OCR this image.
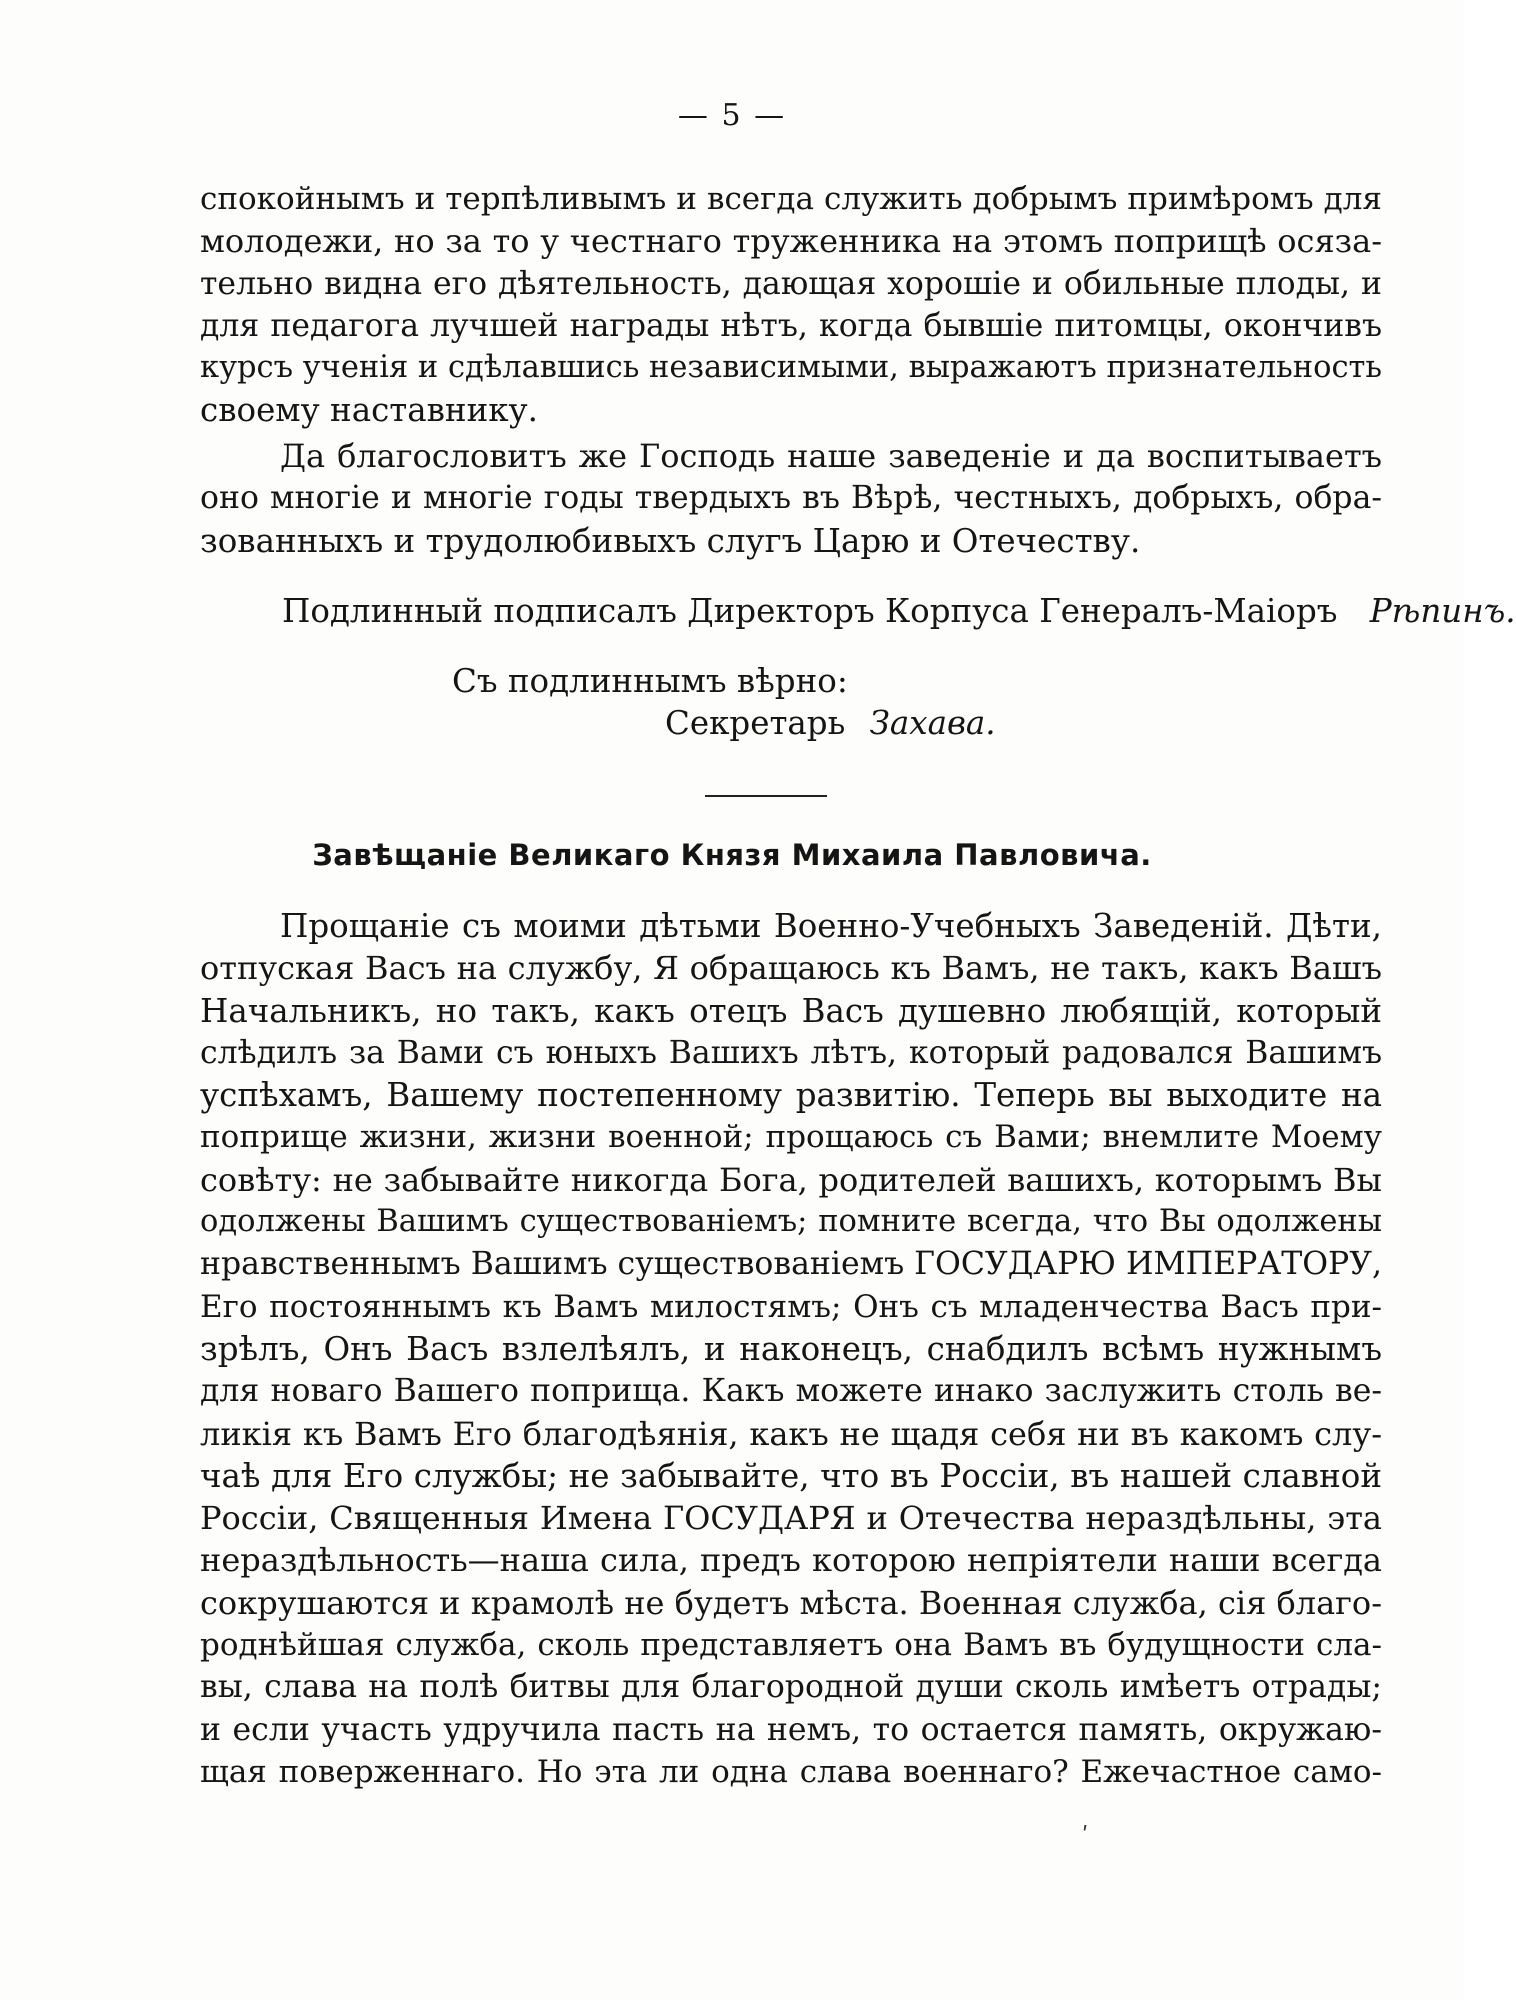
— 5 —
спокойнымъ и терпѣливымъ и всегда служить добрымъ примѣромъ для
молодежи, но за то у честнаго труженника на этомъ поприщѣ осяза-
тельно видна его дѣятельность, дающая хорошіе и обильные плоды, и
для педагога лучшей награды нѣтъ, когда бывшіе питомцы, окончивъ
курсъ ученія и сдѣлавшись независимыми, выражаютъ признательность
своему наставнику.
Да благословитъ же Господь наше заведеніе и да воспитываетъ
оно многіе и многіе годы твердыхъ въ Вѣрѣ, честныхъ, добрыхъ, обра-
зованныхъ и трудолюбивыхъ слугъ Царю и Отечеству.
Подлинный подписалъ Директоръ Корпуса Генералъ-Маіоръ Рѣпинъ.
Съ подлиннымъ вѣрно:
Секретарь Захава.
Завѣщаніе Великаго Князя Михаила Павловича.
Прощаніе съ моими дѣтьми Военно-Учебныхъ Заведеній. Дѣти,
отпуская Васъ на службу, Я обращаюсь къ Вамъ, не такъ, какъ Вашъ
Начальникъ, но такъ, какъ отецъ Васъ душевно любящій, который
слѣдилъ за Вами съ юныхъ Вашихъ лѣтъ, который радовался Вашимъ
успѣхамъ, Вашему постепенному развитію. Теперь вы выходите на
поприще жизни, жизни военной; прощаюсь съ Вами; внемлите Моему
совѣту: не забывайте никогда Бога, родителей вашихъ, которымъ Вы
одолжены Вашимъ существованіемъ; помните всегда, что Вы одолжены
нравственнымъ Вашимъ существованіемъ ГОСУДАРЮ ИМПЕРАТОРУ,
Его постояннымъ къ Вамъ милостямъ; Онъ съ младенчества Васъ при-
зрѣлъ, Онъ Васъ взлелѣялъ, и наконецъ, снабдилъ всѣмъ нужнымъ
для новаго Вашего поприща. Какъ можете инако заслужить столь ве-
ликія къ Вамъ Его благодѣянія, какъ не щадя себя ни въ какомъ слу-
чаѣ для Его службы; не забывайте, что въ Россіи, въ нашей славной
Россіи, Священныя Имена ГОСУДАРЯ и Отечества нераздѣльны, эта
нераздѣльность—наша сила, предъ которою непріятели наши всегда
сокрушаются и крамолѣ не будетъ мѣста. Военная служба, сія благо-
роднѣйшая служба, сколь представляетъ она Вамъ въ будущности сла-
вы, слава на полѣ битвы для благородной души сколь имѣетъ отрады;
и если участь удручила пасть на немъ, то остается память, окружаю-
щая поверженнаго. Но эта ли одна слава военнаго? Ежечастное само-
ʹ
